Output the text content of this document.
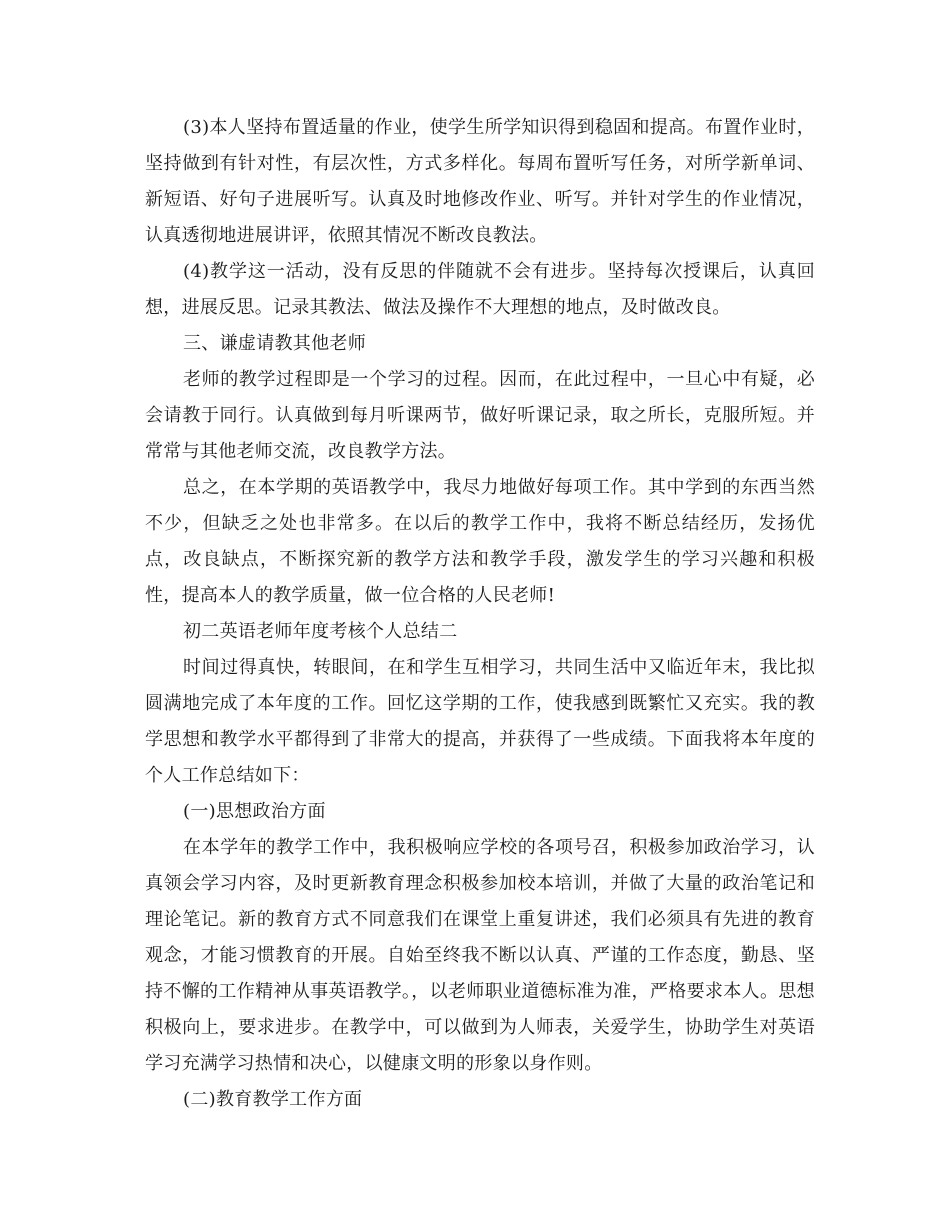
(3)本人坚持布置适量的作业，使学生所学知识得到稳固和提高。布置作业时，坚持做到有针对性，有层次性，方式多样化。每周布置听写任务，对所学新单词、新短语、好句子进展听写。认真及时地修改作业、听写。并针对学生的作业情况，认真透彻地进展讲评，依照其情况不断改良教法。

(4)教学这一活动，没有反思的伴随就不会有进步。坚持每次授课后，认真回想，进展反思。记录其教法、做法及操作不大理想的地点，及时做改良。

三、谦虚请教其他老师

老师的教学过程即是一个学习的过程。因而，在此过程中，一旦心中有疑，必会请教于同行。认真做到每月听课两节，做好听课记录，取之所长，克服所短。并常常与其他老师交流，改良教学方法。

总之，在本学期的英语教学中，我尽力地做好每项工作。其中学到的东西当然不少，但缺乏之处也非常多。在以后的教学工作中，我将不断总结经历，发扬优点，改良缺点，不断探究新的教学方法和教学手段，激发学生的学习兴趣和积极性，提高本人的教学质量，做一位合格的人民老师!

初二英语老师年度考核个人总结二

时间过得真快，转眼间，在和学生互相学习，共同生活中又临近年末，我比拟圆满地完成了本年度的工作。回忆这学期的工作，使我感到既繁忙又充实。我的教学思想和教学水平都得到了非常大的提高，并获得了一些成绩。下面我将本年度的个人工作总结如下：

(一)思想政治方面

在本学年的教学工作中，我积极响应学校的各项号召，积极参加政治学习，认真领会学习内容，及时更新教育理念积极参加校本培训，并做了大量的政治笔记和理论笔记。新的教育方式不同意我们在课堂上重复讲述，我们必须具有先进的教育观念，才能习惯教育的开展。自始至终我不断以认真、严谨的工作态度，勤恳、坚持不懈的工作精神从事英语教学。，以老师职业道德标准为准，严格要求本人。思想积极向上，要求进步。在教学中，可以做到为人师表，关爱学生，协助学生对英语学习充满学习热情和决心，以健康文明的形象以身作则。

(二)教育教学工作方面
